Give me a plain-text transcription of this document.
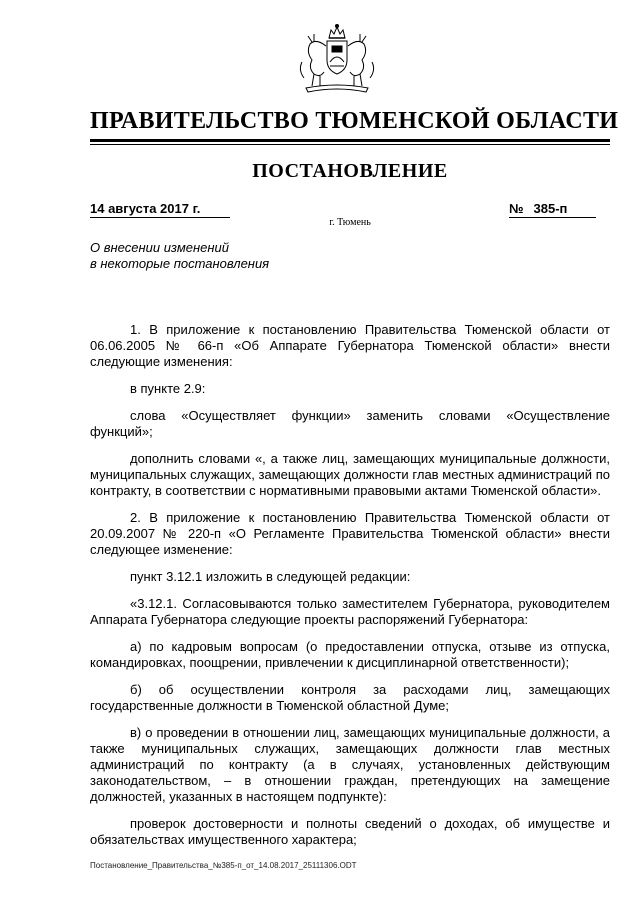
ПРАВИТЕЛЬСТВО ТЮМЕНСКОЙ ОБЛАСТИ
ПОСТАНОВЛЕНИЕ
14 августа 2017 г.	№ 385-п
г. Тюмень
О внесении изменений
в некоторые постановления

1. В приложение к постановлению Правительства Тюменской области от 06.06.2005 № 66-п «Об Аппарате Губернатора Тюменской области» внести следующие изменения:

в пункте 2.9:

слова «Осуществляет функции» заменить словами «Осуществление функций»;

дополнить словами «, а также лиц, замещающих муниципальные должности, муниципальных служащих, замещающих должности глав местных администраций по контракту, в соответствии с нормативными правовыми актами Тюменской области».

2. В приложение к постановлению Правительства Тюменской области от 20.09.2007 № 220-п «О Регламенте Правительства Тюменской области» внести следующее изменение:

пункт 3.12.1 изложить в следующей редакции:

«3.12.1. Согласовываются только заместителем Губернатора, руководителем Аппарата Губернатора следующие проекты распоряжений Губернатора:

а) по кадровым вопросам (о предоставлении отпуска, отзыве из отпуска, командировках, поощрении, привлечении к дисциплинарной ответственности);

б) об осуществлении контроля за расходами лиц, замещающих государственные должности в Тюменской областной Думе;

в) о проведении в отношении лиц, замещающих муниципальные должности, а также муниципальных служащих, замещающих должности глав местных администраций по контракту (а в случаях, установленных действующим законодательством, – в отношении граждан, претендующих на замещение должностей, указанных в настоящем подпункте):

проверок достоверности и полноты сведений о доходах, об имуществе и обязательствах имущественного характера;

Постановление_Правительства_№385-п_от_14.08.2017_25111306.ODT
